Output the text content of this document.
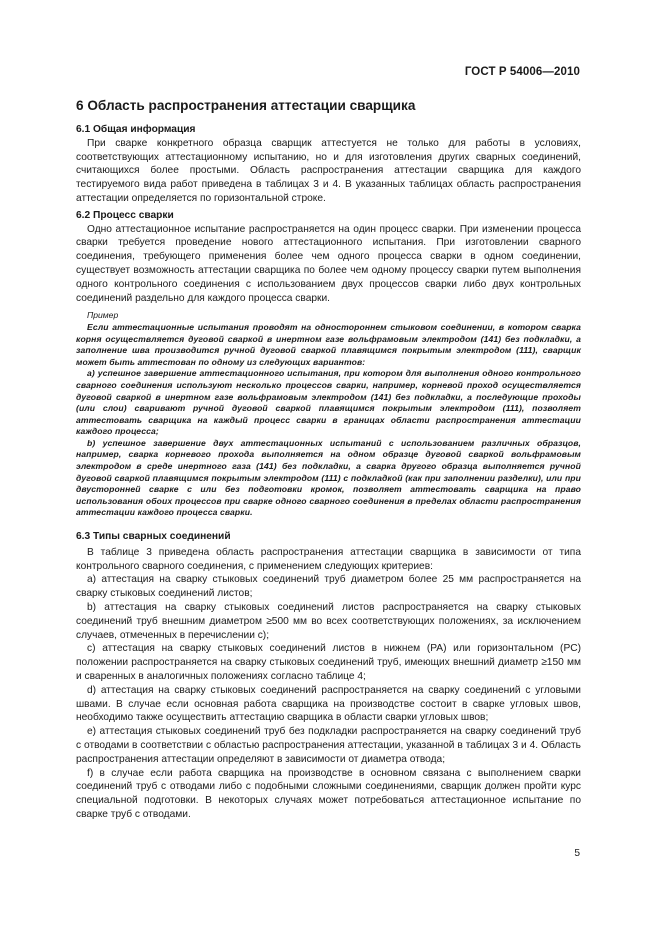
ГОСТ Р 54006—2010
6 Область распространения аттестации сварщика
6.1 Общая информация

При сварке конкретного образца сварщик аттестуется не только для работы в условиях, соответствующих аттестационному испытанию, но и для изготовления других сварных соединений, считающихся более простыми. Область распространения аттестации сварщика для каждого тестируемого вида работ приведена в таблицах 3 и 4. В указанных таблицах область распространения аттестации определяется по горизонтальной строке.

6.2 Процесс сварки

Одно аттестационное испытание распространяется на один процесс сварки. При изменении процесса сварки требуется проведение нового аттестационного испытания. При изготовлении сварного соединения, требующего применения более чем одного процесса сварки в одном соединении, существует возможность аттестации сварщика по более чем одному процессу сварки путем выполнения одного контрольного соединения с использованием двух процессов сварки либо двух контрольных соединений раздельно для каждого процесса сварки.

Пример

Если аттестационные испытания проводят на одностороннем стыковом соединении, в котором сварка корня осуществляется дуговой сваркой в инертном газе вольфрамовым электродом (141) без подкладки, а заполнение шва производится ручной дуговой сваркой плавящимся покрытым электродом (111), сварщик может быть аттестован по одному из следующих вариантов:

a) успешное завершение аттестационного испытания, при котором для выполнения одного контрольного сварного соединения используют несколько процессов сварки, например, корневой проход осуществляется дуговой сваркой в инертном газе вольфрамовым электродом (141) без подкладки, а последующие проходы (или слои) сваривают ручной дуговой сваркой плавящимся покрытым электродом (111), позволяет аттестовать сварщика на каждый процесс сварки в границах области распространения аттестации каждого процесса;

b) успешное завершение двух аттестационных испытаний с использованием различных образцов, например, сварка корневого прохода выполняется на одном образце дуговой сваркой вольфрамовым электродом в среде инертного газа (141) без подкладки, а сварка другого образца выполняется ручной дуговой сваркой плавящимся покрытым электродом (111) с подкладкой (как при заполнении разделки), или при двусторонней сварке с или без подготовки кромок, позволяет аттестовать сварщика на право использования обоих процессов при сварке одного сварного соединения в пределах области распространения аттестации каждого процесса сварки.

6.3 Типы сварных соединений

В таблице 3 приведена область распространения аттестации сварщика в зависимости от типа контрольного сварного соединения, с применением следующих критериев:

a) аттестация на сварку стыковых соединений труб диаметром более 25 мм распространяется на сварку стыковых соединений листов;

b) аттестация на сварку стыковых соединений листов распространяется на сварку стыковых соединений труб внешним диаметром ≥500 мм во всех соответствующих положениях, за исключением случаев, отмеченных в перечислении c);

c) аттестация на сварку стыковых соединений листов в нижнем (PA) или горизонтальном (PC) положении распространяется на сварку стыковых соединений труб, имеющих внешний диаметр ≥150 мм и сваренных в аналогичных положениях согласно таблице 4;

d) аттестация на сварку стыковых соединений распространяется на сварку соединений с угловыми швами. В случае если основная работа сварщика на производстве состоит в сварке угловых швов, необходимо также осуществить аттестацию сварщика в области сварки угловых швов;

e) аттестация стыковых соединений труб без подкладки распространяется на сварку соединений труб с отводами в соответствии с областью распространения аттестации, указанной в таблицах 3 и 4. Область распространения аттестации определяют в зависимости от диаметра отвода;

f) в случае если работа сварщика на производстве в основном связана с выполнением сварки соединений труб с отводами либо с подобными сложными соединениями, сварщик должен пройти курс специальной подготовки. В некоторых случаях может потребоваться аттестационное испытание по сварке труб с отводами.

5
